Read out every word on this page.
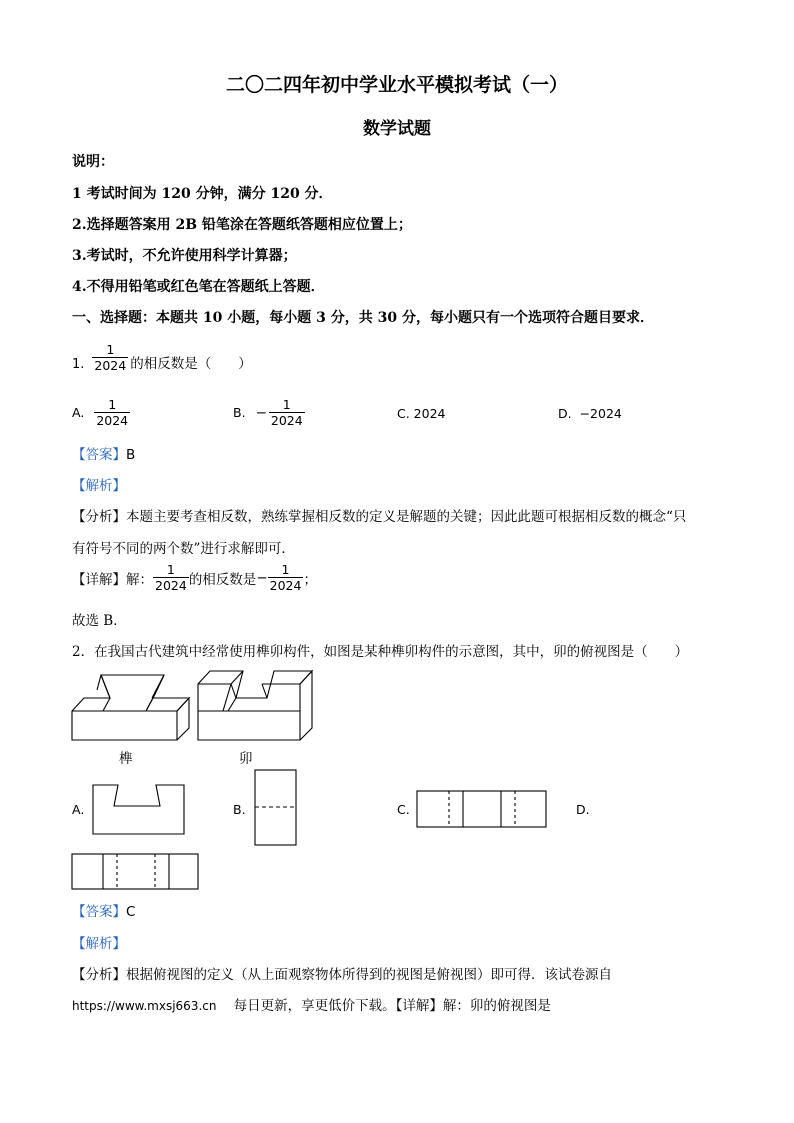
二〇二四年初中学业水平模拟考试（一）
数学试题
说明：
1 考试时间为 120 分钟，满分 120 分．
2.选择题答案用 2B 铅笔涂在答题纸答题相应位置上；
3.考试时，不允许使用科学计算器；
4.不得用铅笔或红色笔在答题纸上答题．
一、选择题：本题共 10 小题，每小题 3 分，共 30 分，每小题只有一个选项符合题目要求．
1. $\frac{1}{2024}$ 的相反数是（　　）
A. $\frac{1}{2024}$	B. − $\frac{1}{2024}$	C. 2024	D. −2024
【答案】B
【解析】
【分析】本题主要考查相反数，熟练掌握相反数的定义是解题的关键；因此此题可根据相反数的概念“只
有符号不同的两个数”进行求解即可．
【详解】 解： $\frac{1}{2024}$ 的相反数是 − $\frac{1}{2024}$ ；
故选 B．
2．在我国古代建筑中经常使用榫卯构件，如图是某种榫卯构件的示意图，其中，卯的俯视图是（　　）
榫	卯
A.	B.	C.	D.
【答案】C
【解析】
【分析】根据俯视图的定义（从上面观察物体所得到的视图是俯视图）即可得．该试卷源自
https://www.mxsj663.cn 每日更新，享更低价下载。【详解】解：卯的俯视图是
